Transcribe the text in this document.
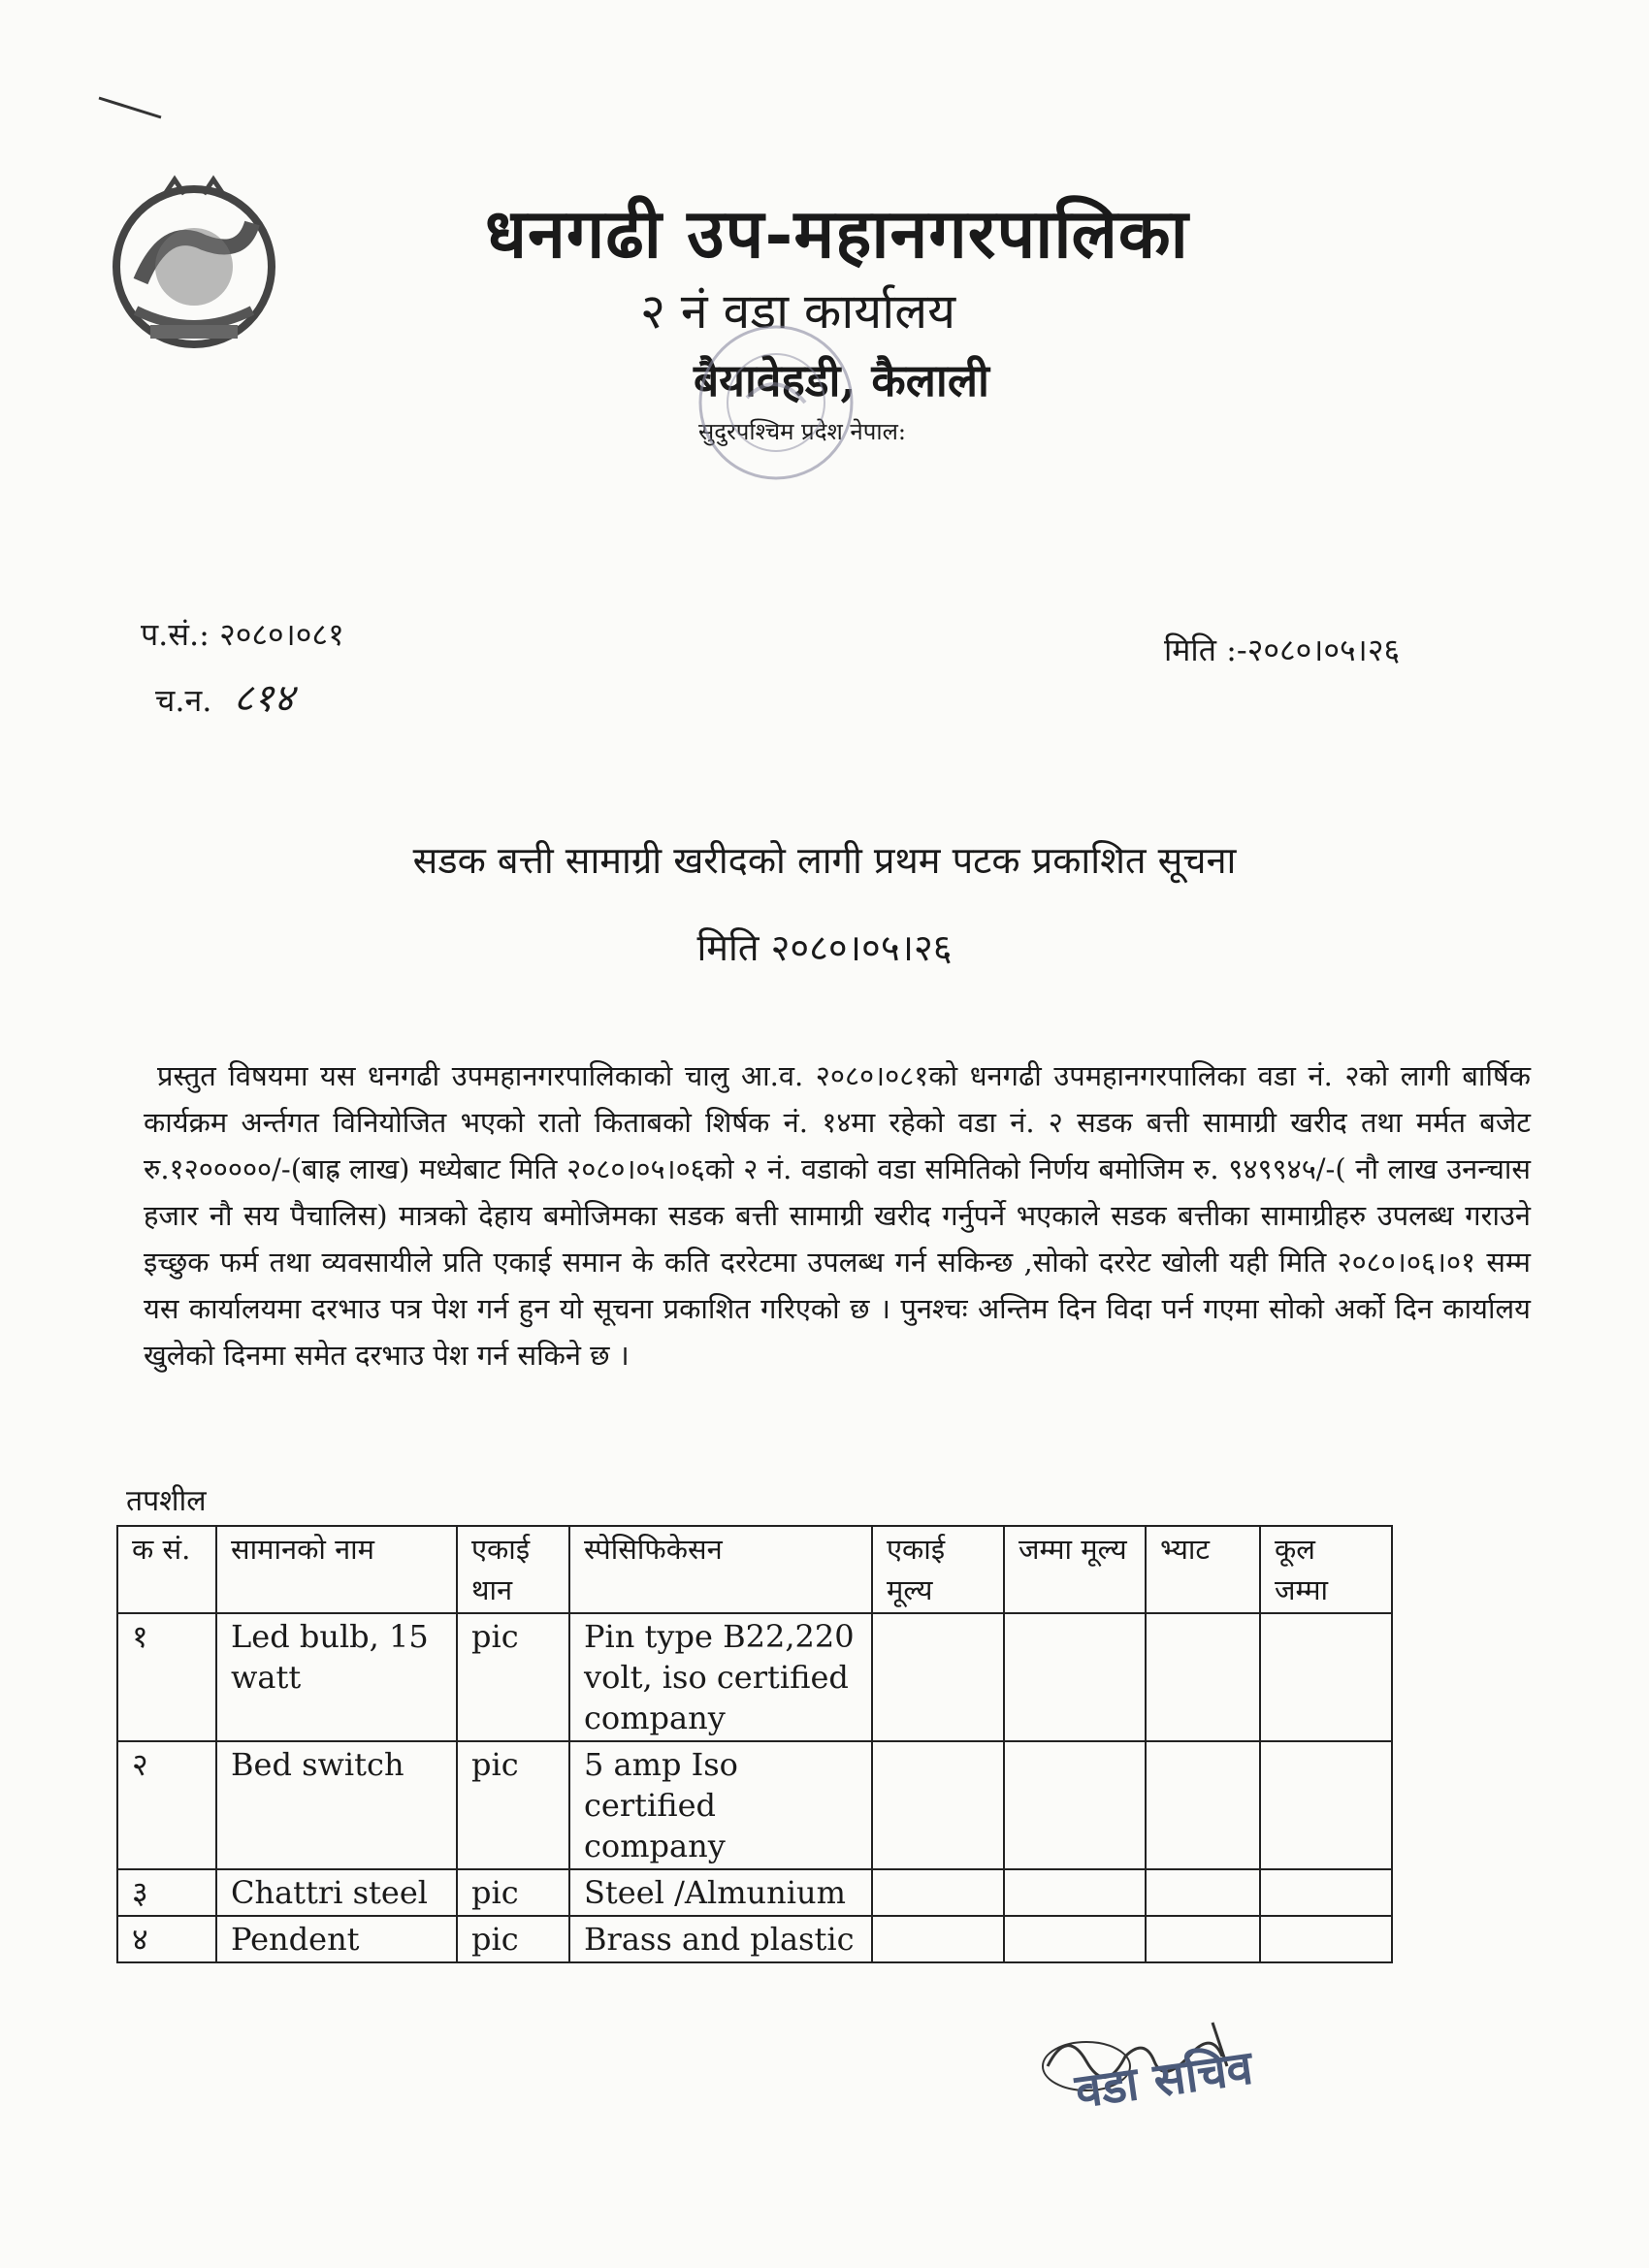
धनगढी उप-महानगरपालिका
२ नं वडा कार्यालय
बैयावेहडी, कैलाली
सुदुरपश्चिम प्रदेश नेपाल:
प.सं.: २०८०।०८१
च.न. ८१४
मिति :-२०८०।०५।२६
सडक बत्ती सामाग्री खरीदको लागी प्रथम पटक प्रकाशित सूचना
मिति २०८०।०५।२६
प्रस्तुत विषयमा यस धनगढी उपमहानगरपालिकाको चालु आ.व. २०८०।०८१को धनगढी उपमहानगरपालिका वडा नं. २को लागी बार्षिक कार्यक्रम अर्न्तगत विनियोजित भएको रातो किताबको शिर्षक नं. १४मा रहेको वडा नं. २ सडक बत्ती सामाग्री खरीद तथा मर्मत बजेट रु.१२०००००/-(बाह्र लाख) मध्येबाट मिति २०८०।०५।०६को २ नं. वडाको वडा समितिको निर्णय बमोजिम रु. ९४९९४५/-( नौ लाख उनन्चास हजार नौ सय पैचालिस) मात्रको देहाय बमोजिमका सडक बत्ती सामाग्री खरीद गर्नुपर्ने भएकाले सडक बत्तीका सामाग्रीहरु उपलब्ध गराउने इच्छुक फर्म तथा व्यवसायीले प्रति एकाई समान के कति दररेटमा उपलब्ध गर्न सकिन्छ ,सोको दररेट खोली यही मिति २०८०।०६।०१ सम्म यस कार्यालयमा दरभाउ पत्र पेश गर्न हुन यो सूचना प्रकाशित गरिएको छ । पुनश्चः अन्तिम दिन विदा पर्न गएमा सोको अर्को दिन कार्यालय खुलेको दिनमा समेत दरभाउ पेश गर्न सकिने छ ।
तपशील
क सं.	सामानको नाम	एकाई थान	स्पेसिफिकेसन	एकाई मूल्य	जम्मा मूल्य	भ्याट	कूल जम्मा
१	Led bulb, 15 watt	pic	Pin type B22,220 volt, iso certified company				
२	Bed switch	pic	5 amp Iso certified company				
३	Chattri steel	pic	Steel /Almunium				
४	Pendent	pic	Brass and plastic				
वडा सचिव
